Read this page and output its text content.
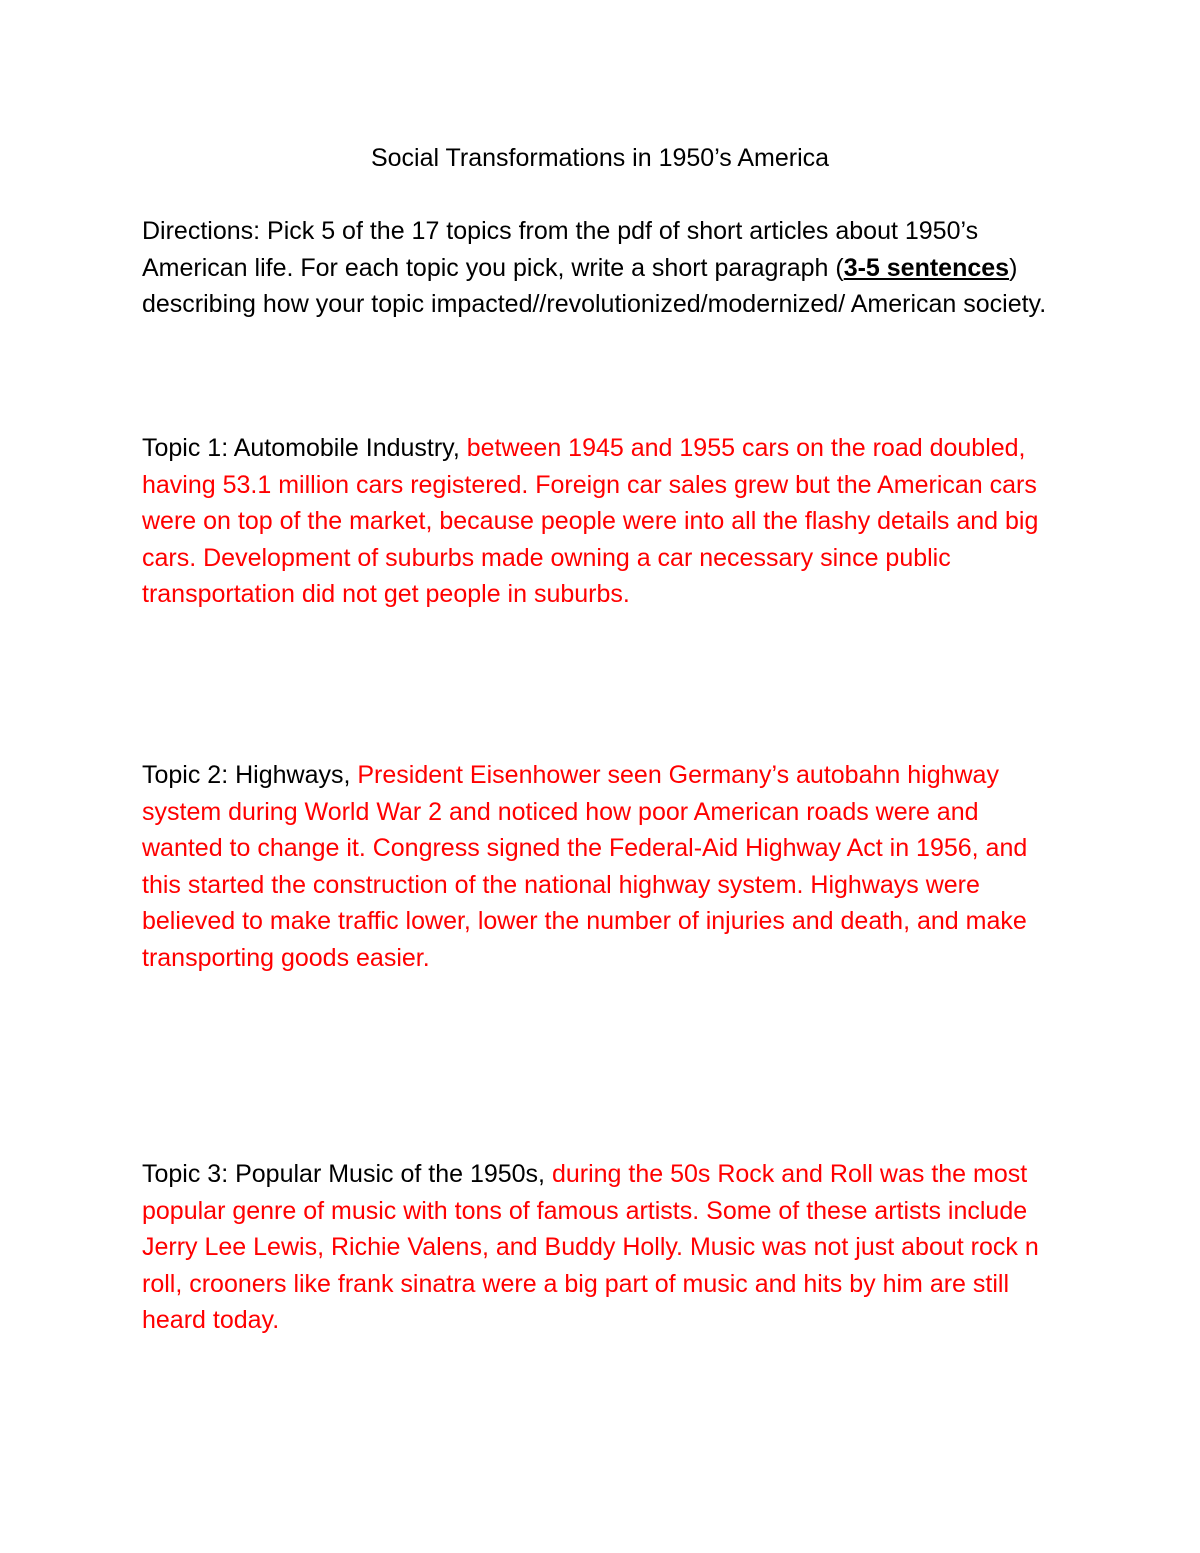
Social Transformations in 1950’s America

Directions: Pick 5 of the 17 topics from the pdf of short articles about 1950’s American life. For each topic you pick, write a short paragraph (3-5 sentences) describing how your topic impacted//revolutionized/modernized/ American society.

Topic 1: Automobile Industry, between 1945 and 1955 cars on the road doubled, having 53.1 million cars registered. Foreign car sales grew but the American cars were on top of the market, because people were into all the flashy details and big cars. Development of suburbs made owning a car necessary since public transportation did not get people in suburbs.

Topic 2: Highways, President Eisenhower seen Germany’s autobahn highway system during World War 2 and noticed how poor American roads were and wanted to change it. Congress signed the Federal-Aid Highway Act in 1956, and this started the construction of the national highway system. Highways were believed to make traffic lower, lower the number of injuries and death, and make transporting goods easier.

Topic 3: Popular Music of the 1950s, during the 50s Rock and Roll was the most popular genre of music with tons of famous artists. Some of these artists include Jerry Lee Lewis, Richie Valens, and Buddy Holly. Music was not just about rock n roll, crooners like frank sinatra were a big part of music and hits by him are still heard today.
